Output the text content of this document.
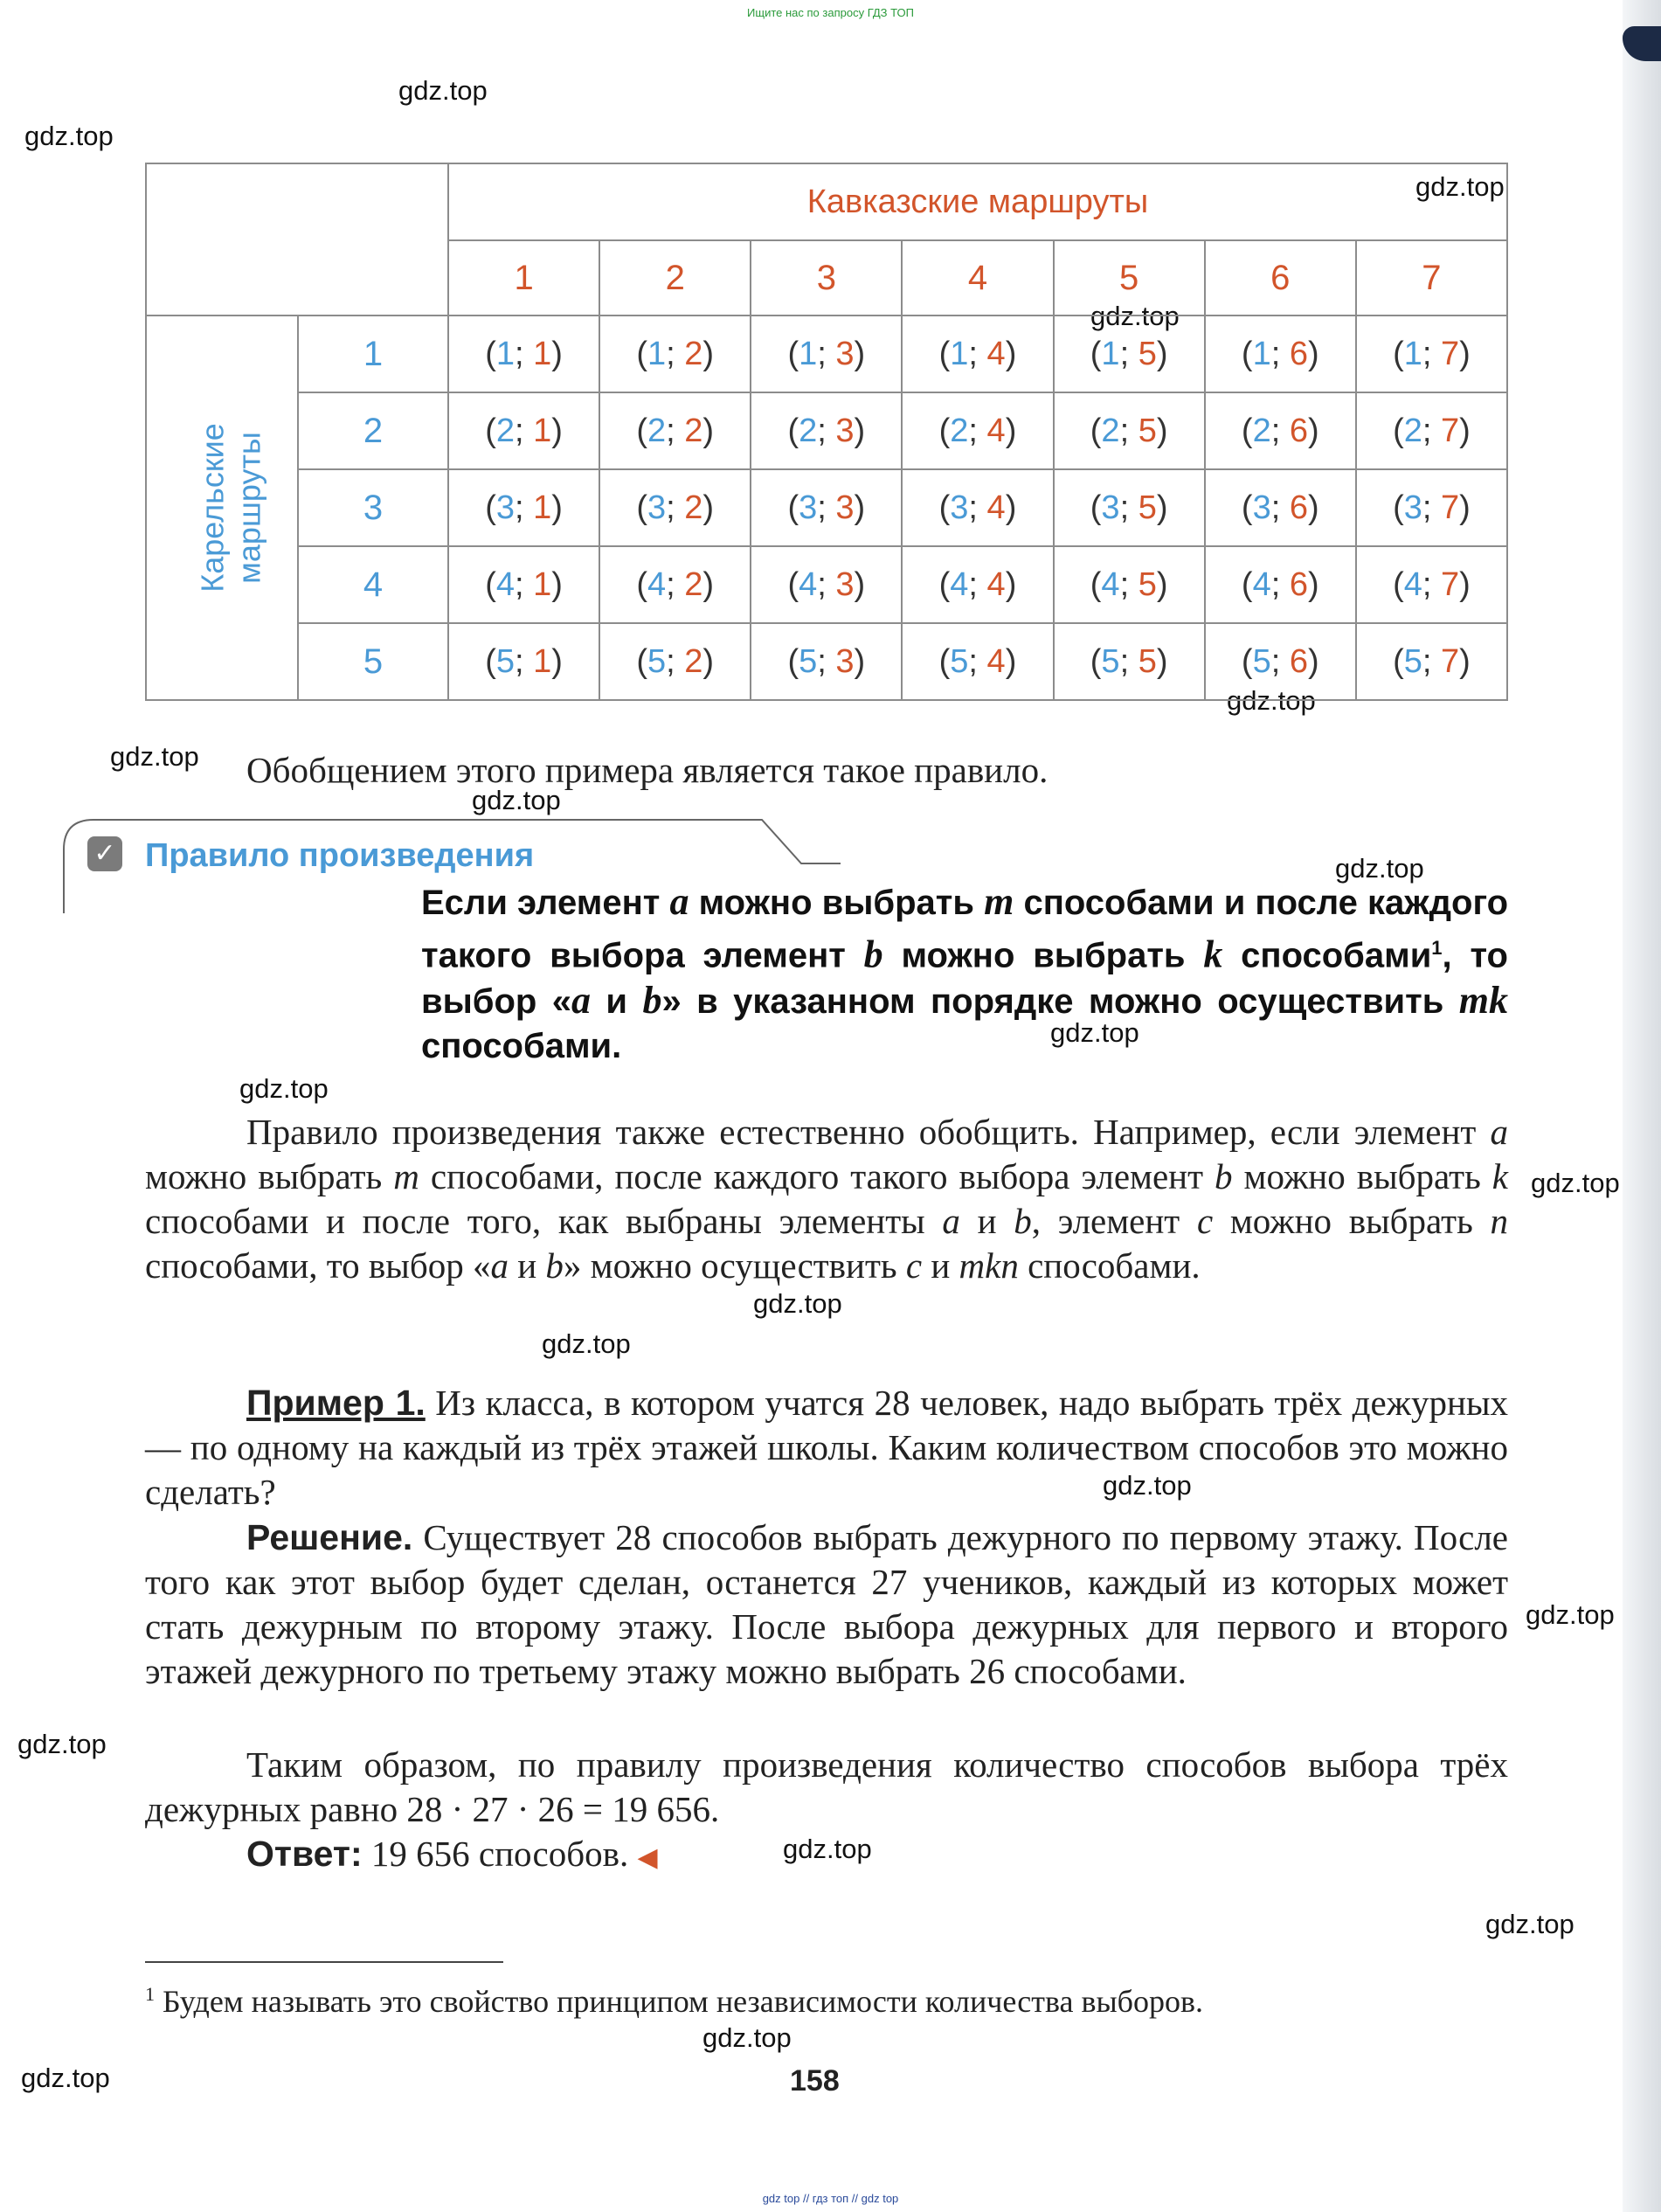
Ищите нас по запросу ГДЗ ТОП
gdz.top
gdz.top
gdz.top
gdz.top
gdz.top
gdz.top
gdz.top
gdz.top
gdz.top
gdz.top
gdz.top
gdz.top
gdz.top
gdz.top
gdz.top
gdz.top
gdz.top
gdz.top
gdz.top
gdz.top
		Кавказские маршруты						
		1	2	3	4	5	6	7
Карельские
маршруты	1	(1; 1)	(1; 2)	(1; 3)	(1; 4)	(1; 5)	(1; 6)	(1; 7)
	2	(2; 1)	(2; 2)	(2; 3)	(2; 4)	(2; 5)	(2; 6)	(2; 7)
	3	(3; 1)	(3; 2)	(3; 3)	(3; 4)	(3; 5)	(3; 6)	(3; 7)
	4	(4; 1)	(4; 2)	(4; 3)	(4; 4)	(4; 5)	(4; 6)	(4; 7)
	5	(5; 1)	(5; 2)	(5; 3)	(5; 4)	(5; 5)	(5; 6)	(5; 7)
Обобщением этого примера является такое правило.
✓ Правило произведения
Если элемент a можно выбрать m способами и после каждого такого выбора элемент b можно выбрать k способами$^1$, то выбор «a и b» в указанном порядке можно осуществить mk способами.
Правило произведения также естественно обобщить. Например, если элемент a можно выбрать m способами, после каждого такого выбора элемент b можно выбрать k способами и после того, как выбраны элементы a и b, элемент c можно выбрать n способами, то выбор «a и b» можно осуществить c и mkn способами.
Пример 1. Из класса, в котором учатся 28 человек, надо выбрать трёх дежурных — по одному на каждый из трёх этажей школы. Каким количеством способов это можно сделать?
Решение. Существует 28 способов выбрать дежурного по первому этажу. После того как этот выбор будет сделан, останется 27 учеников, каждый из которых может стать дежурным по второму этажу. После выбора дежурных для первого и второго этажей дежурного по третьему этажу можно выбрать 26 способами.
Таким образом, по правилу произведения количество способов выбора трёх дежурных равно 28 · 27 · 26 = 19 656.
Ответ: 19 656 способов. ◀
$^1$ Будем называть это свойство принципом независимости количества выборов.
158
gdz top // гдз топ // gdz top
